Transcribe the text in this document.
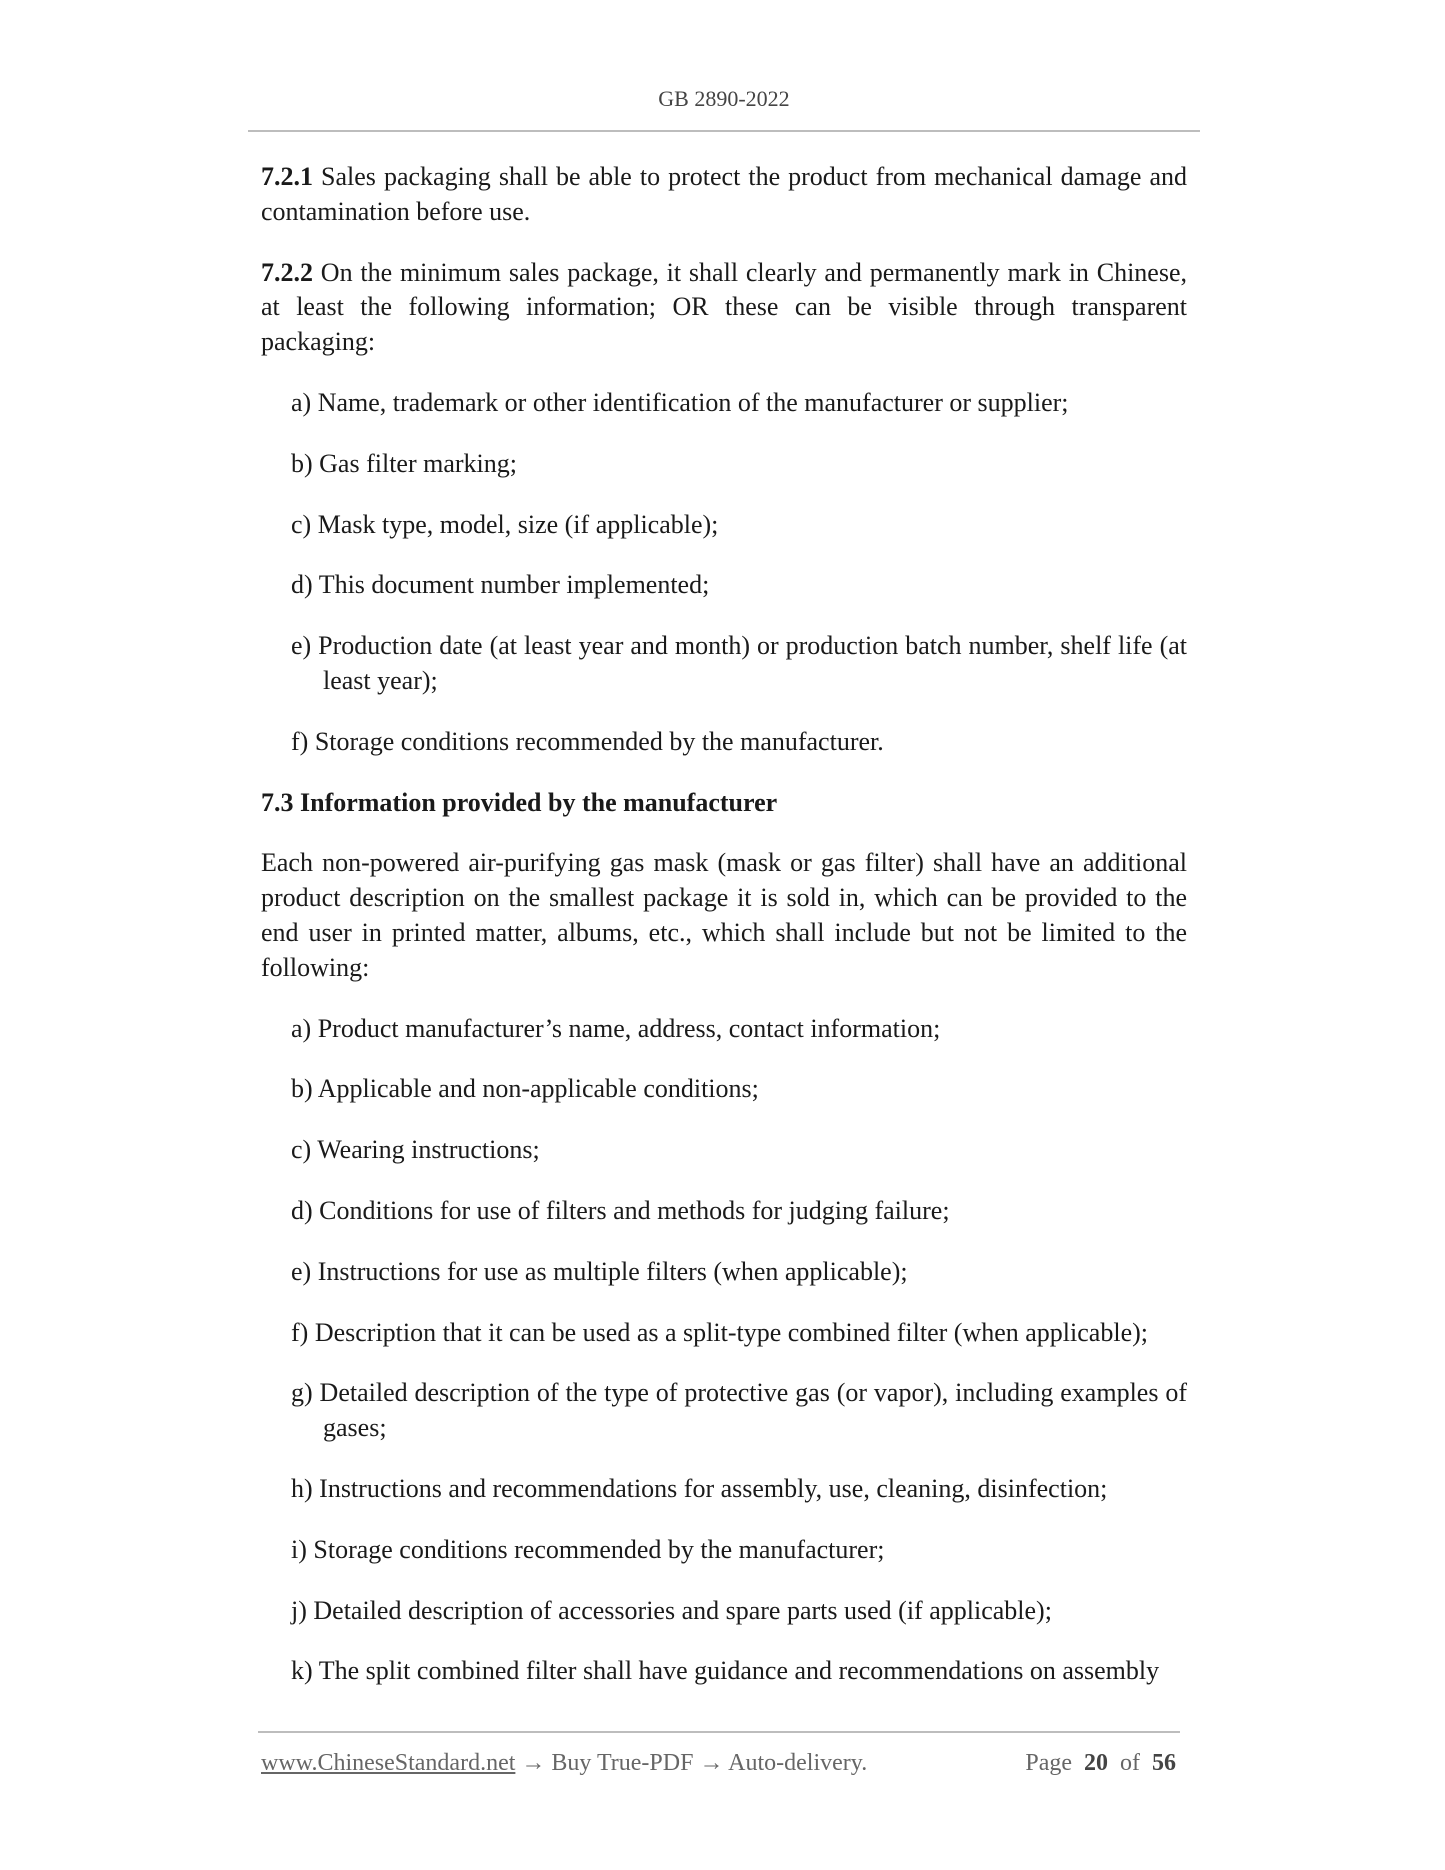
GB 2890-2022

7.2.1 Sales packaging shall be able to protect the product from mechanical damage and contamination before use.

7.2.2 On the minimum sales package, it shall clearly and permanently mark in Chinese, at least the following information; OR these can be visible through transparent packaging:

a) Name, trademark or other identification of the manufacturer or supplier;

b) Gas filter marking;

c) Mask type, model, size (if applicable);

d) This document number implemented;

e) Production date (at least year and month) or production batch number, shelf life (at least year);

f) Storage conditions recommended by the manufacturer.

7.3 Information provided by the manufacturer

Each non-powered air-purifying gas mask (mask or gas filter) shall have an additional product description on the smallest package it is sold in, which can be provided to the end user in printed matter, albums, etc., which shall include but not be limited to the following:

a) Product manufacturer’s name, address, contact information;

b) Applicable and non-applicable conditions;

c) Wearing instructions;

d) Conditions for use of filters and methods for judging failure;

e) Instructions for use as multiple filters (when applicable);

f) Description that it can be used as a split-type combined filter (when applicable);

g) Detailed description of the type of protective gas (or vapor), including examples of gases;

h) Instructions and recommendations for assembly, use, cleaning, disinfection;

i) Storage conditions recommended by the manufacturer;

j) Detailed description of accessories and spare parts used (if applicable);

k) The split combined filter shall have guidance and recommendations on assembly

www.ChineseStandard.net → Buy True-PDF → Auto-delivery.	Page 20 of 56
